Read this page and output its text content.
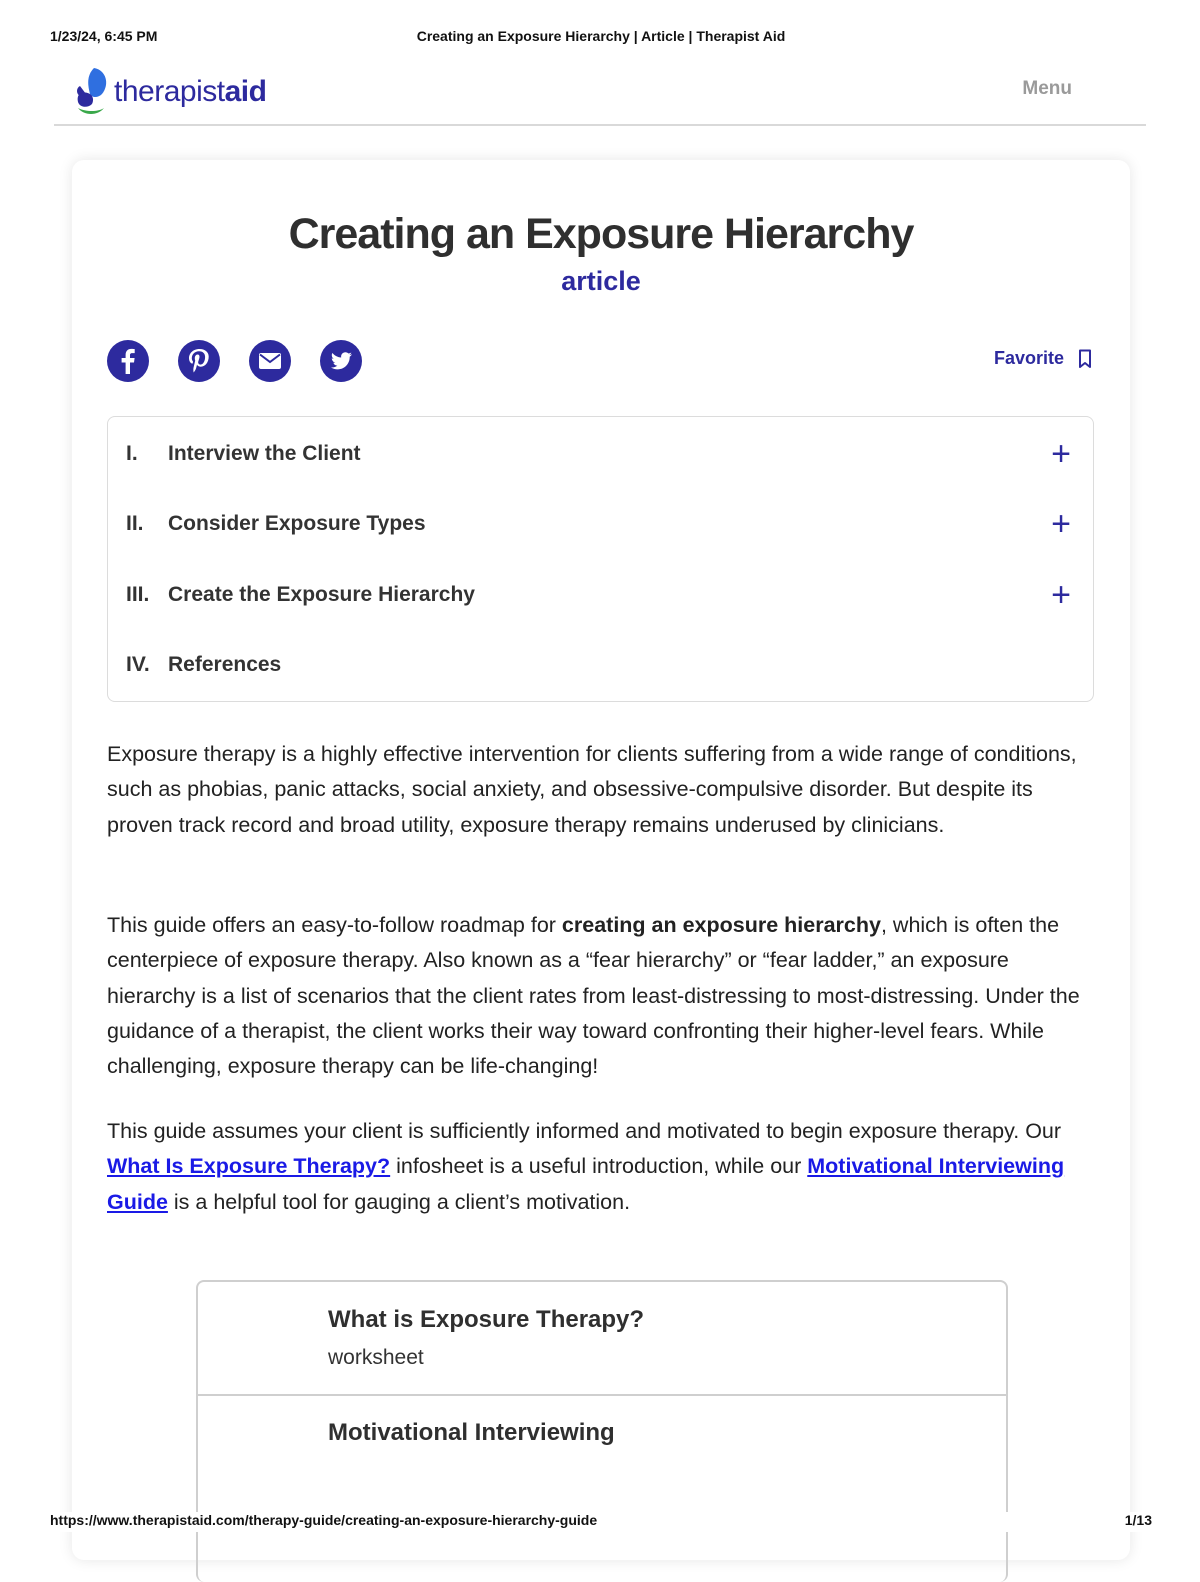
1/23/24, 6:45 PM	Creating an Exposure Hierarchy | Article | Therapist Aid
therapistaid	Menu
Creating an Exposure Hierarchy
article
Favorite
I.	Interview the Client	+
II.	Consider Exposure Types	+
III. Create the Exposure Hierarchy	+
IV. References

Exposure therapy is a highly effective intervention for clients suffering from a wide range of conditions, such as phobias, panic attacks, social anxiety, and obsessive-compulsive disorder. But despite its proven track record and broad utility, exposure therapy remains underused by clinicians.

This guide offers an easy-to-follow roadmap for creating an exposure hierarchy, which is often the centerpiece of exposure therapy. Also known as a “fear hierarchy” or “fear ladder,” an exposure hierarchy is a list of scenarios that the client rates from least-distressing to most-distressing. Under the guidance of a therapist, the client works their way toward confronting their higher-level fears. While challenging, exposure therapy can be life-changing!

This guide assumes your client is sufficiently informed and motivated to begin exposure therapy. Our What Is Exposure Therapy? infosheet is a useful introduction, while our Motivational Interviewing Guide is a helpful tool for gauging a client’s motivation.

What is Exposure Therapy?
worksheet
Motivational Interviewing
https://www.therapistaid.com/therapy-guide/creating-an-exposure-hierarchy-guide	1/13
